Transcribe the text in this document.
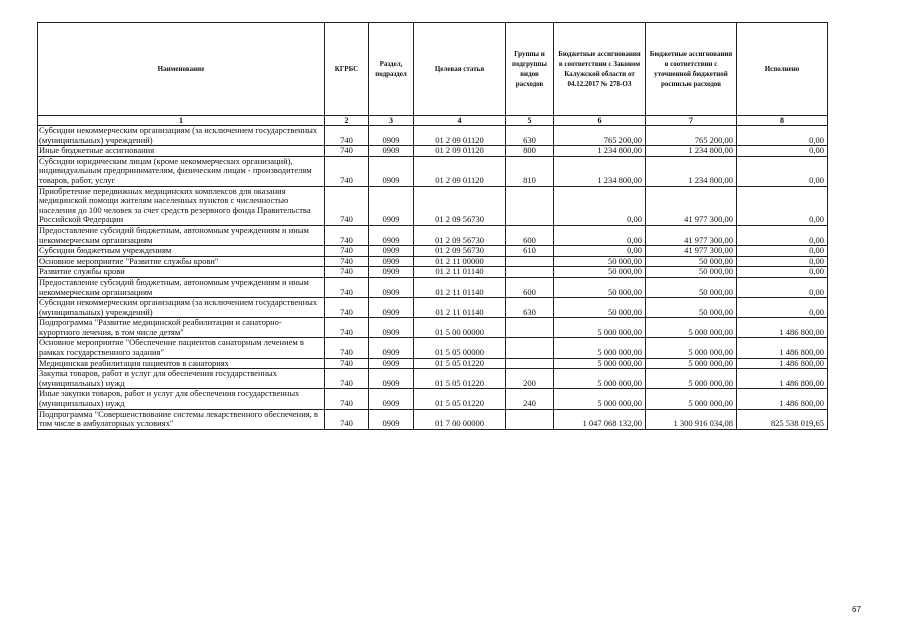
Наименование	КГРБС	Раздел, подраздел	Целевая статья	Группы и подгруппы видов расходов	Бюджетные ассигнования в соответствии с Законом Калужской области от 04.12.2017 № 278-ОЗ	Бюджетные ассигнования в соответствии с уточненной бюджетной росписью расходов	Исполнено
1	2	3	4	5	6	7	8
Субсидии некоммерческим организациям (за исключением государственных (муниципальных) учреждений)	740	0909	01 2 09 01120	630	765 200,00	765 200,00	0,00
Иные бюджетные ассигнования	740	0909	01 2 09 01120	800	1 234 800,00	1 234 800,00	0,00
Субсидии юридическим лицам (кроме некоммерческих организаций), индивидуальным предпринимателям, физическим лицам - производителям товаров, работ, услуг	740	0909	01 2 09 01120	810	1 234 800,00	1 234 800,00	0,00
Приобретение передвижных медицинских комплексов для оказания медицинской помощи жителям населенных пунктов с численностью населения до 100 человек за счет средств резервного фонда Правительства Российской Федерации	740	0909	01 2 09 56730		0,00	41 977 300,00	0,00
Предоставление субсидий бюджетным, автономным учреждениям и иным некоммерческим организациям	740	0909	01 2 09 56730	600	0,00	41 977 300,00	0,00
Субсидии бюджетным учреждениям	740	0909	01 2 09 56730	610	0,00	41 977 300,00	0,00
Основное мероприятие "Развитие службы крови"	740	0909	01 2 11 00000		50 000,00	50 000,00	0,00
Развитие службы крови	740	0909	01 2 11 01140		50 000,00	50 000,00	0,00
Предоставление субсидий бюджетным, автономным учреждениям и иным некоммерческим организациям	740	0909	01 2 11 01140	600	50 000,00	50 000,00	0,00
Субсидии некоммерческим организациям (за исключением государственных (муниципальных) учреждений)	740	0909	01 2 11 01140	630	50 000,00	50 000,00	0,00
Подпрограмма "Развитие медицинской реабилитации и санаторно-курортного лечения, в том числе детям"	740	0909	01 5 00 00000		5 000 000,00	5 000 000,00	1 486 800,00
Основное мероприятие "Обеспечение пациентов санаторным лечением в рамках государственного задания"	740	0909	01 5 05 00000		5 000 000,00	5 000 000,00	1 486 800,00
Медицинская реабилитация пациентов в санаториях	740	0909	01 5 05 01220		5 000 000,00	5 000 000,00	1 486 800,00
Закупка товаров, работ и услуг для обеспечения государственных (муниципальных) нужд	740	0909	01 5 05 01220	200	5 000 000,00	5 000 000,00	1 486 800,00
Иные закупки товаров, работ и услуг для обеспечения государственных (муниципальных) нужд	740	0909	01 5 05 01220	240	5 000 000,00	5 000 000,00	1 486 800,00
Подпрограмма "Совершенствование системы лекарственного обеспечения, в том числе в амбулаторных условиях"	740	0909	01 7 00 00000		1 047 068 132,00	1 300 916 034,08	825 538 019,65
67
